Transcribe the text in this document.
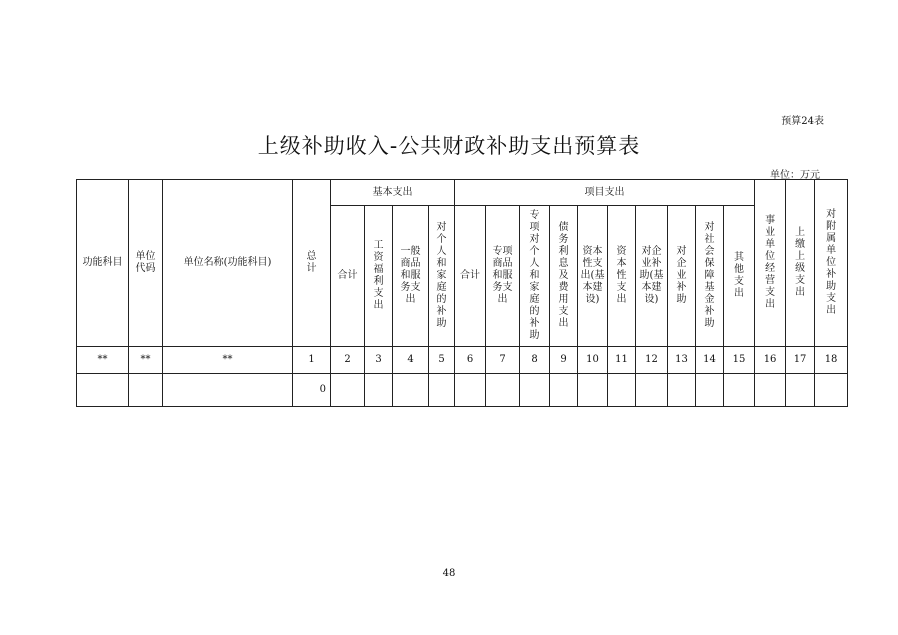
预算24表
上级补助收入-公共财政补助支出预算表
单位：万元
功能科目	单位代码	单位名称(功能科目)	总计	基本支出				项目支出										事业单位经营支出	上缴上级支出	对附属单位补助支出
				合计	工资福利支出	一般商品和服务支出	对个人和家庭的补助	合计	专项商品和服务支出	专项对个人和家庭的补助	债务利息及费用支出	资本性支出(基本建设)	资本性支出	对企业补助(基本建设)	对企业补助	对社会保障基金补助	其他支出			
**	**	**	1	2	3	4	5	6	7	8	9	10	11	12	13	14	15	16	17	18
			0																	
48
